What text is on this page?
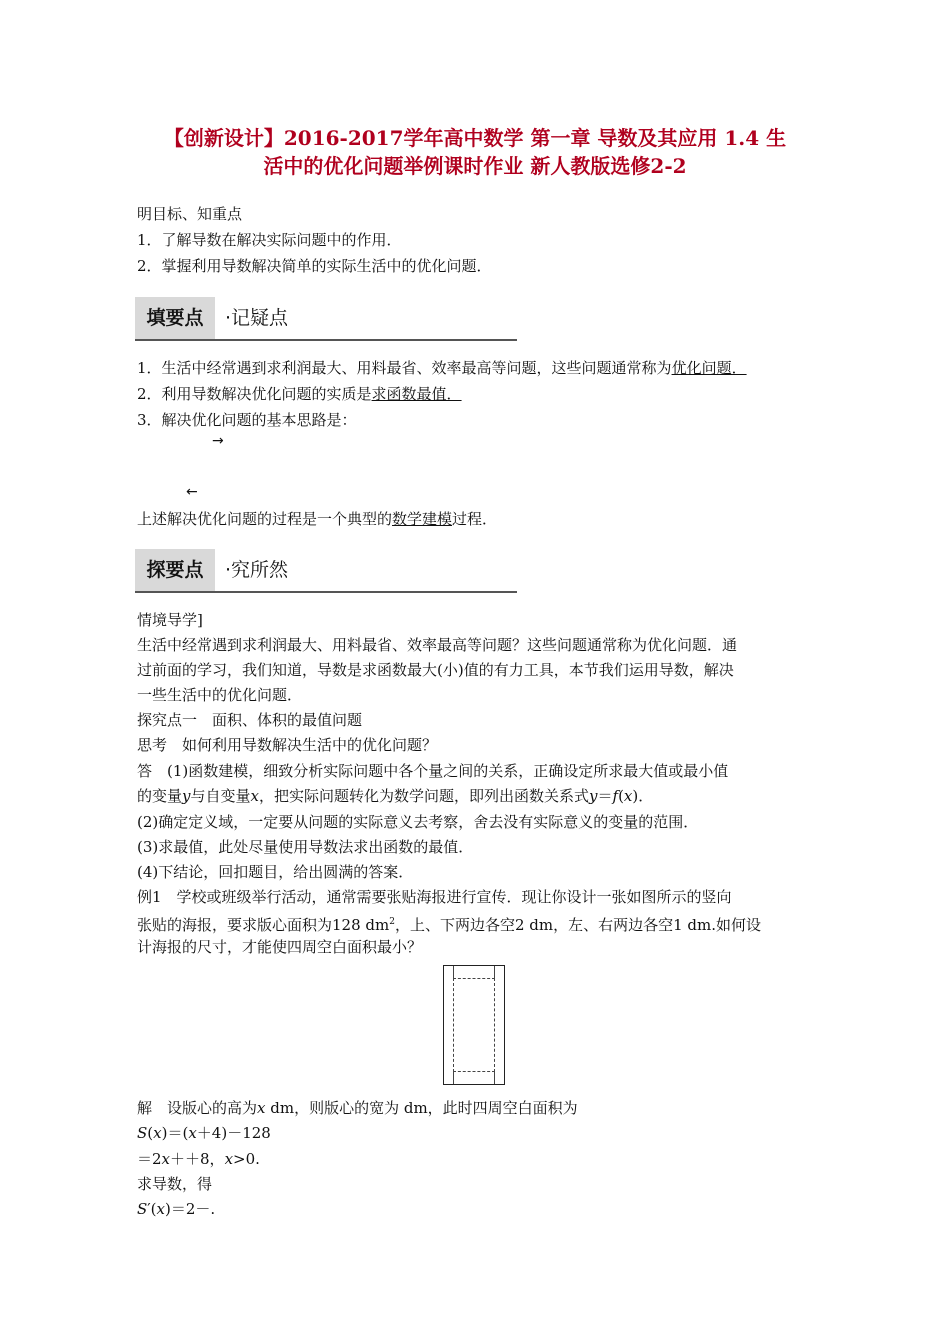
【创新设计】2016-2017学年高中数学 第一章 导数及其应用 1.4 生
活中的优化问题举例课时作业 新人教版选修2-2
明目标、知重点
1．了解导数在解决实际问题中的作用．
2．掌握利用导数解决简单的实际生活中的优化问题．
填要点	·记疑点
1．生活中经常遇到求利润最大、用料最省、效率最高等问题，这些问题通常称为优化问题．
2．利用导数解决优化问题的实质是求函数最值．
3．解决优化问题的基本思路是：
→
←
上述解决优化问题的过程是一个典型的数学建模过程．
探要点	·究所然
情境导学]
生活中经常遇到求利润最大、用料最省、效率最高等问题？这些问题通常称为优化问题．通
过前面的学习，我们知道，导数是求函数最大(小)值的有力工具，本节我们运用导数，解决
一些生活中的优化问题．
探究点一　面积、体积的最值问题
思考　如何利用导数解决生活中的优化问题？
答　(1)函数建模，细致分析实际问题中各个量之间的关系，正确设定所求最大值或最小值
的变量y与自变量x，把实际问题转化为数学问题，即列出函数关系式y＝f(x)．
(2)确定定义域，一定要从问题的实际意义去考察，舍去没有实际意义的变量的范围．
(3)求最值，此处尽量使用导数法求出函数的最值．
(4)下结论，回扣题目，给出圆满的答案．
例1　学校或班级举行活动，通常需要张贴海报进行宣传．现让你设计一张如图所示的竖向
张贴的海报，要求版心面积为128 $dm^2$，上、下两边各空2 dm，左、右两边各空1 dm.如何设
计海报的尺寸，才能使四周空白面积最小？
解　设版心的高为x dm，则版心的宽为 dm，此时四周空白面积为
S(x)＝(x＋4)－128
＝2x＋＋8，x>0.
求导数，得
S′(x)＝2－.
